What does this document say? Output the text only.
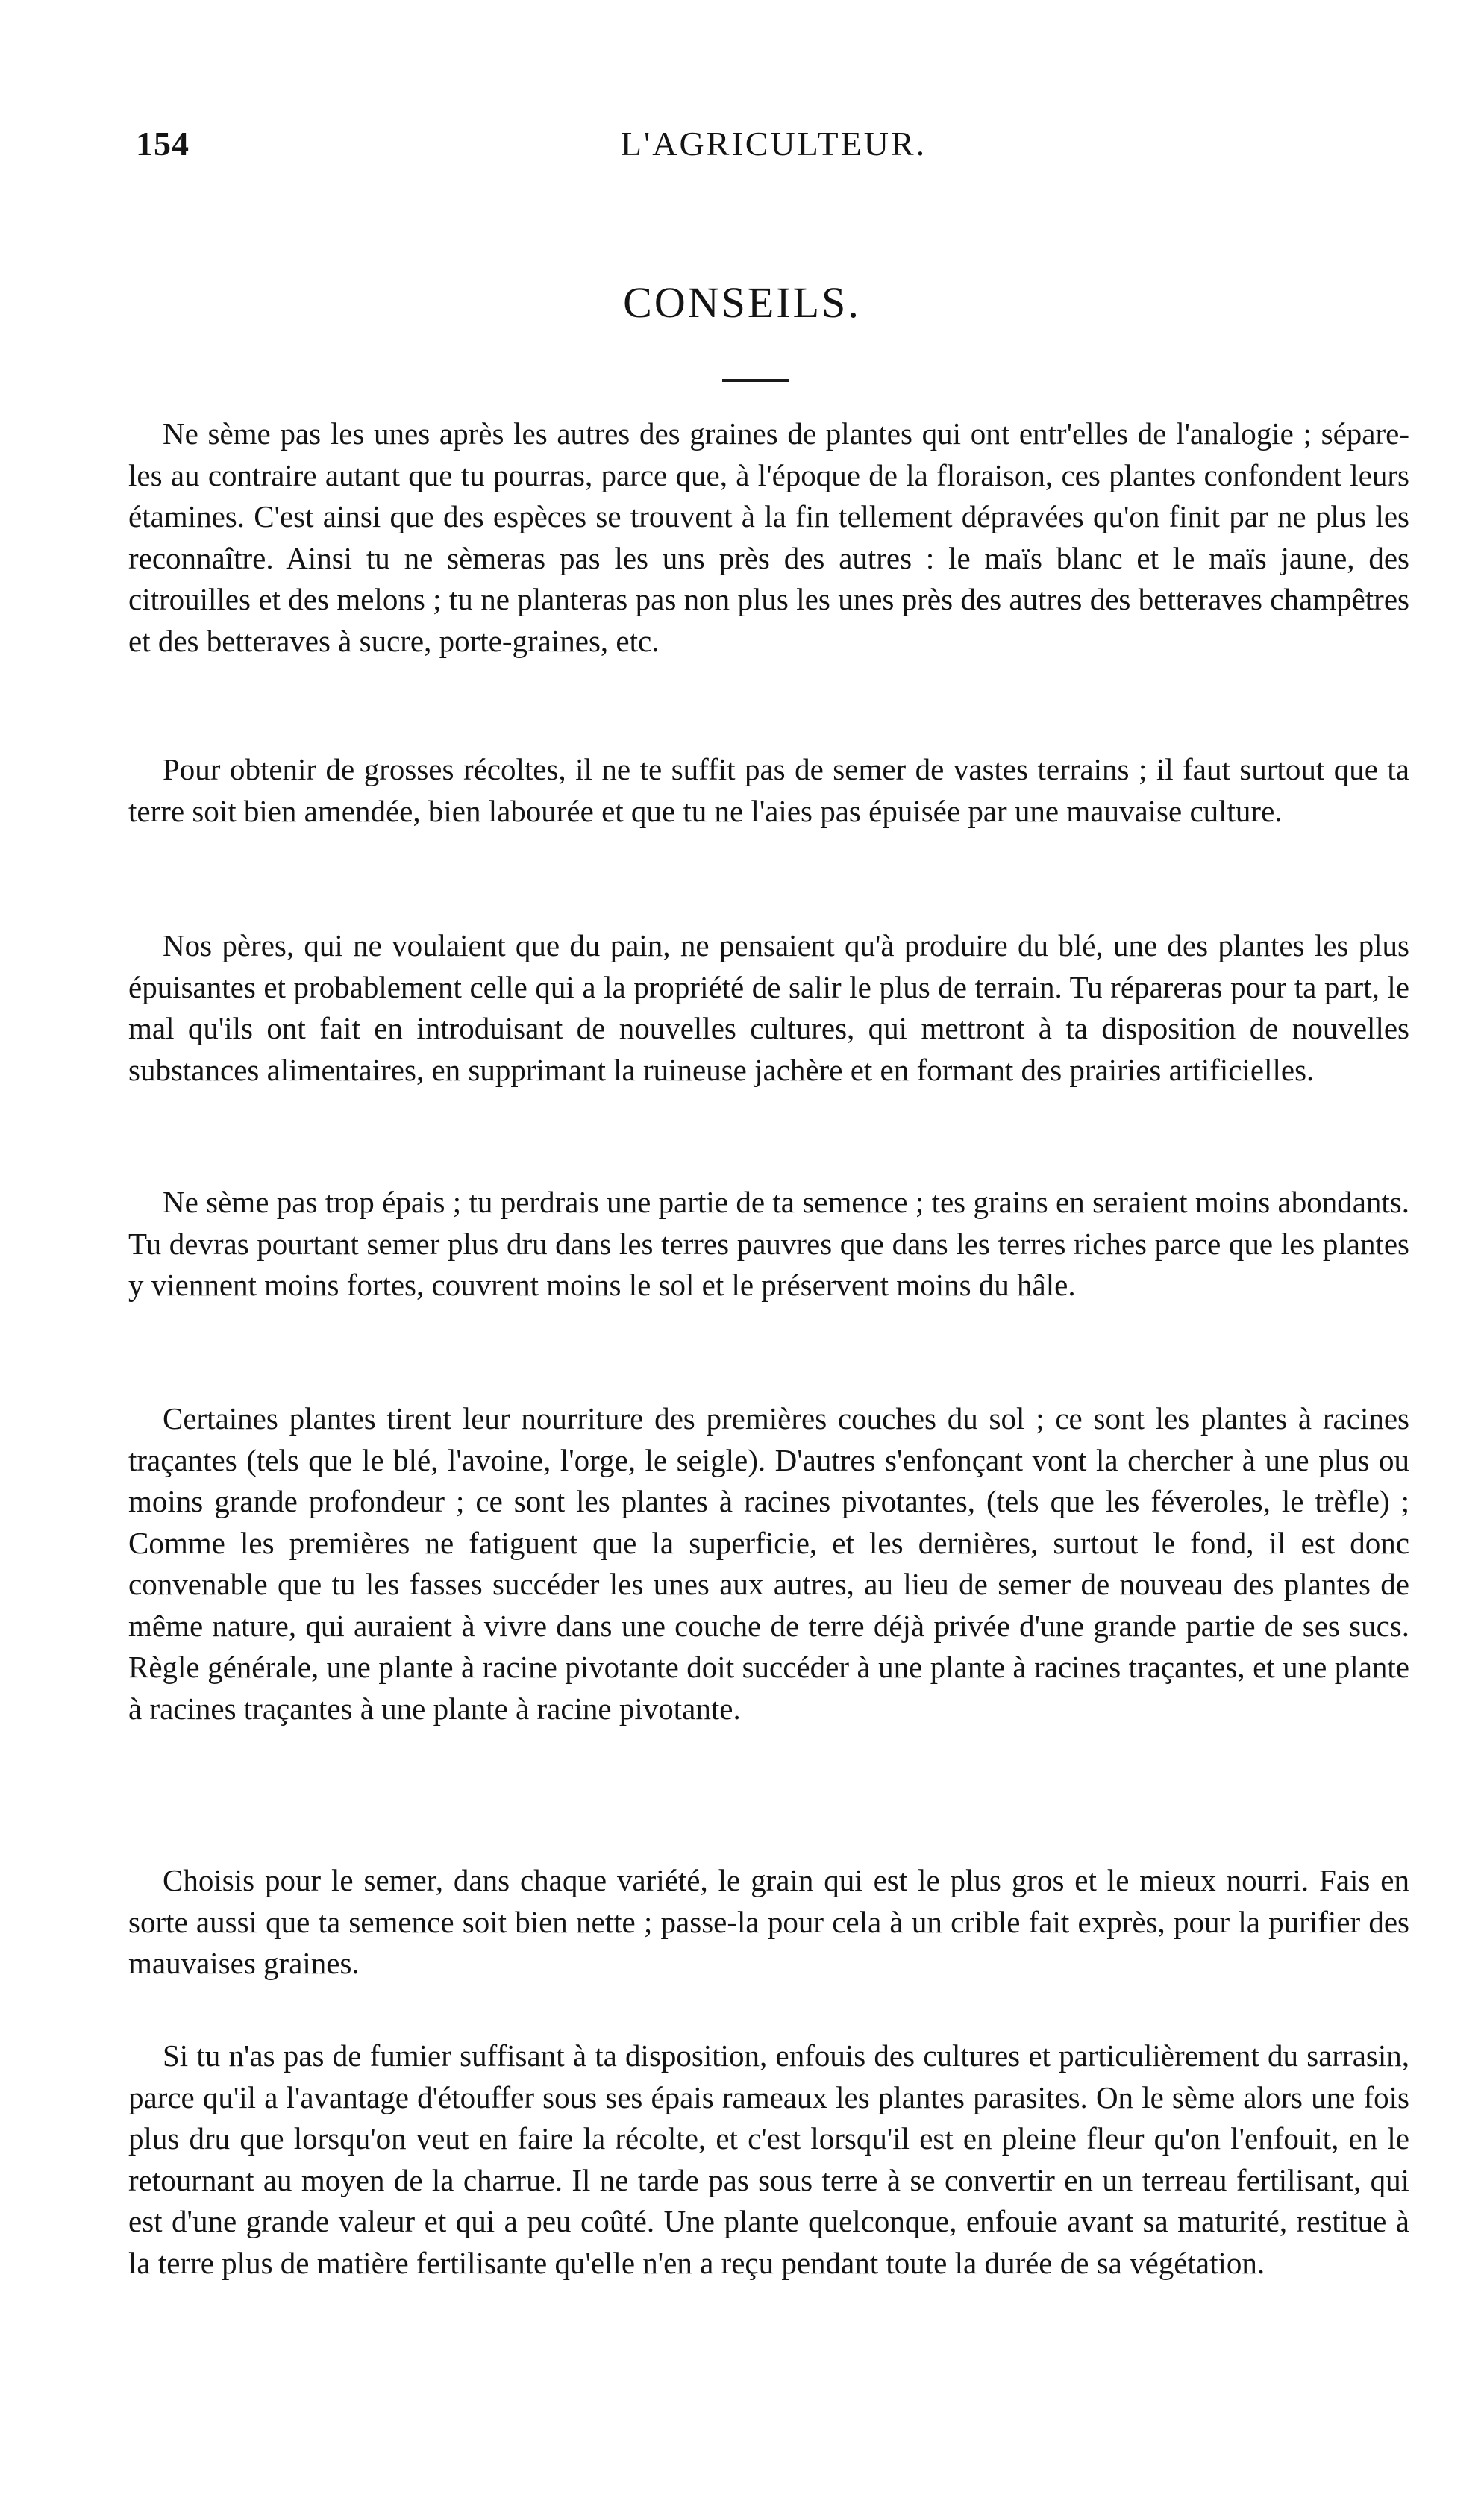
154	L'AGRICULTEUR.
CONSEILS.

Ne sème pas les unes après les autres des graines de plantes qui ont entr'elles de l'analogie ; sépare-les au contraire autant que tu pourras, parce que, à l'époque de la floraison, ces plantes confondent leurs étamines. C'est ainsi que des espèces se trouvent à la fin tellement dépravées qu'on finit par ne plus les reconnaître. Ainsi tu ne sèmeras pas les uns près des autres : le maïs blanc et le maïs jaune, des citrouilles et des melons ; tu ne planteras pas non plus les unes près des autres des betteraves champêtres et des betteraves à sucre, porte-graines, etc.

Pour obtenir de grosses récoltes, il ne te suffit pas de semer de vastes terrains ; il faut surtout que ta terre soit bien amendée, bien labourée et que tu ne l'aies pas épuisée par une mauvaise culture.

Nos pères, qui ne voulaient que du pain, ne pensaient qu'à produire du blé, une des plantes les plus épuisantes et probablement celle qui a la propriété de salir le plus de terrain. Tu répareras pour ta part, le mal qu'ils ont fait en introduisant de nouvelles cultures, qui mettront à ta disposition de nouvelles substances alimentaires, en supprimant la ruineuse jachère et en formant des prairies artificielles.

Ne sème pas trop épais ; tu perdrais une partie de ta semence ; tes grains en seraient moins abondants. Tu devras pourtant semer plus dru dans les terres pauvres que dans les terres riches parce que les plantes y viennent moins fortes, couvrent moins le sol et le préservent moins du hâle.

Certaines plantes tirent leur nourriture des premières couches du sol ; ce sont les plantes à racines traçantes (tels que le blé, l'avoine, l'orge, le seigle). D'autres s'enfonçant vont la chercher à une plus ou moins grande profondeur ; ce sont les plantes à racines pivotantes, (tels que les féveroles, le trèfle) ; Comme les premières ne fatiguent que la superficie, et les dernières, surtout le fond, il est donc convenable que tu les fasses succéder les unes aux autres, au lieu de semer de nouveau des plantes de même nature, qui auraient à vivre dans une couche de terre déjà privée d'une grande partie de ses sucs. Règle générale, une plante à racine pivotante doit succéder à une plante à racines traçantes, et une plante à racines traçantes à une plante à racine pivotante.

Choisis pour le semer, dans chaque variété, le grain qui est le plus gros et le mieux nourri. Fais en sorte aussi que ta semence soit bien nette ; passe-la pour cela à un crible fait exprès, pour la purifier des mauvaises graines.

Si tu n'as pas de fumier suffisant à ta disposition, enfouis des cultures et particulièrement du sarrasin, parce qu'il a l'avantage d'étouffer sous ses épais rameaux les plantes parasites. On le sème alors une fois plus dru que lorsqu'on veut en faire la récolte, et c'est lorsqu'il est en pleine fleur qu'on l'enfouit, en le retournant au moyen de la charrue. Il ne tarde pas sous terre à se convertir en un terreau fertilisant, qui est d'une grande valeur et qui a peu coûté. Une plante quelconque, enfouie avant sa maturité, restitue à la terre plus de matière fertilisante qu'elle n'en a reçu pendant toute la durée de sa végétation.
